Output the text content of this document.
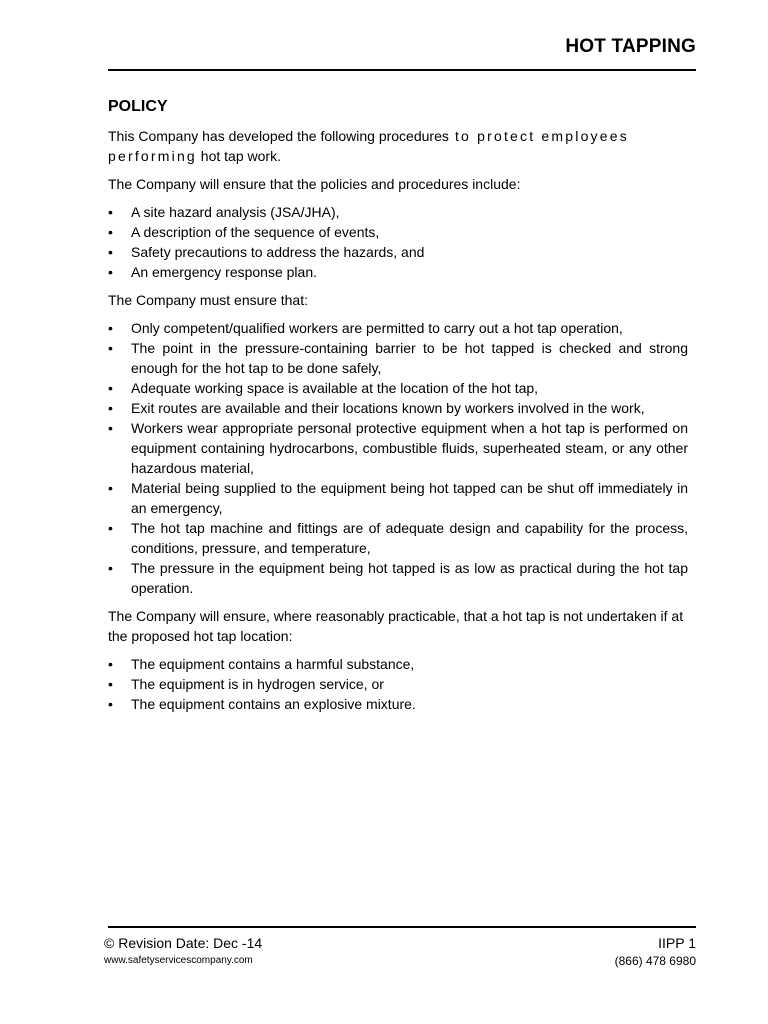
HOT TAPPING
POLICY

This Company has developed the following procedures to protect employees performing hot tap work.

The Company will ensure that the policies and procedures include:

• A site hazard analysis (JSA/JHA),
• A description of the sequence of events,
• Safety precautions to address the hazards, and
• An emergency response plan.

The Company must ensure that:

• Only competent/qualified workers are permitted to carry out a hot tap operation,
• The point in the pressure-containing barrier to be hot tapped is checked and strong enough for the hot tap to be done safely,
• Adequate working space is available at the location of the hot tap,
• Exit routes are available and their locations known by workers involved in the work,
• Workers wear appropriate personal protective equipment when a hot tap is performed on equipment containing hydrocarbons, combustible fluids, superheated steam, or any other hazardous material,
• Material being supplied to the equipment being hot tapped can be shut off immediately in an emergency,
• The hot tap machine and fittings are of adequate design and capability for the process, conditions, pressure, and temperature,
• The pressure in the equipment being hot tapped is as low as practical during the hot tap operation.

The Company will ensure, where reasonably practicable, that a hot tap is not undertaken if at the proposed hot tap location:

• The equipment contains a harmful substance,
• The equipment is in hydrogen service, or
• The equipment contains an explosive mixture.
© Revision Date: Dec -14
www.safetyservicescompany.com
IIPP 1
(866) 478 6980
